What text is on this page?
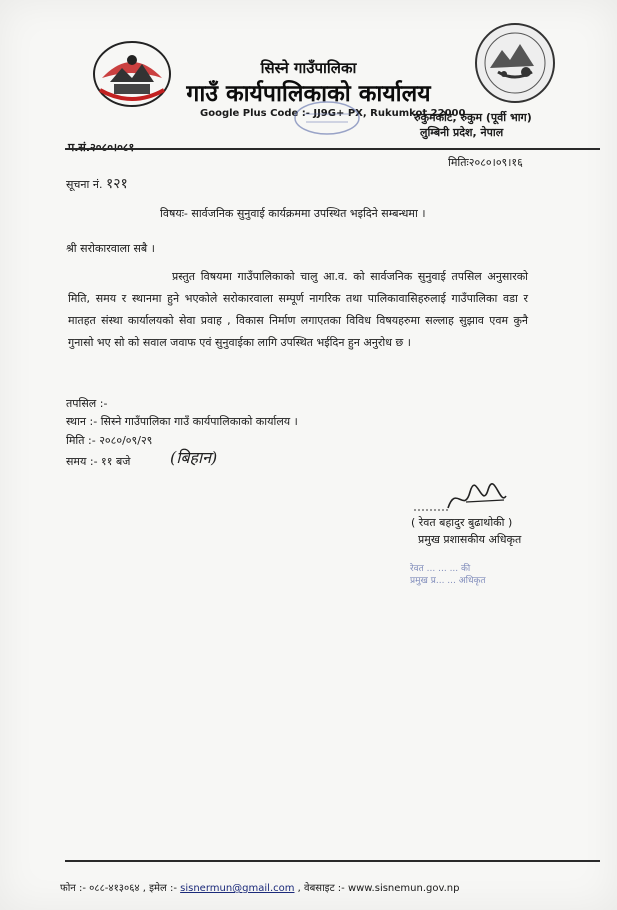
सिस्ने गाउँपालिका
गाउँ कार्यपालिकाको कार्यालय
Google Plus Code :- JJ9G+ PX, Rukumkot 22000
रुकुमकोट, रुकुम (पूर्वी भाग)
लुम्बिनी प्रदेश, नेपाल
मितिः२०८०।०९।१६
सूचना नं. १२१
विषयः- सार्वजनिक सुनुवाई कार्यक्रममा उपस्थित भइदिने सम्बन्धमा ।
श्री सरोकारवाला सबै ।
प्रस्तुत विषयमा गाउँपालिकाको चालु आ.व. को सार्वजनिक सुनुवाई तपसिल अनुसारको मिति, समय र स्थानमा हुने भएकोले सरोकारवाला सम्पूर्ण नागरिक तथा पालिकावासिहरुलाई गाउँपालिका वडा र मातहत संस्था कार्यालयको सेवा प्रवाह , विकास निर्माण लगाएतका विविध विषयहरुमा सल्लाह सुझाव एवम कुनै गुनासो भए सो को सवाल जवाफ एवं सुनुवाईका लागि उपस्थित भईदिन हुन अनुरोध छ ।
तपसिल :-
स्थान :- सिस्ने गाउँपालिका गाउँ कार्यपालिकाको कार्यालय ।
मिति :- २०८०/०९/२९
समय :- ११ बजे (बिहान)
( रेवत बहादुर बुढाथोकी )
प्रमुख प्रशासकीय अधिकृत
रेवत ... ... ... की
प्रमुख प्र... ... अधिकृत
फोन :- ०८८-४१३०६४ , इमेल :- sisnermun@gmail.com , वेबसाइट :- www.sisnemun.gov.np
